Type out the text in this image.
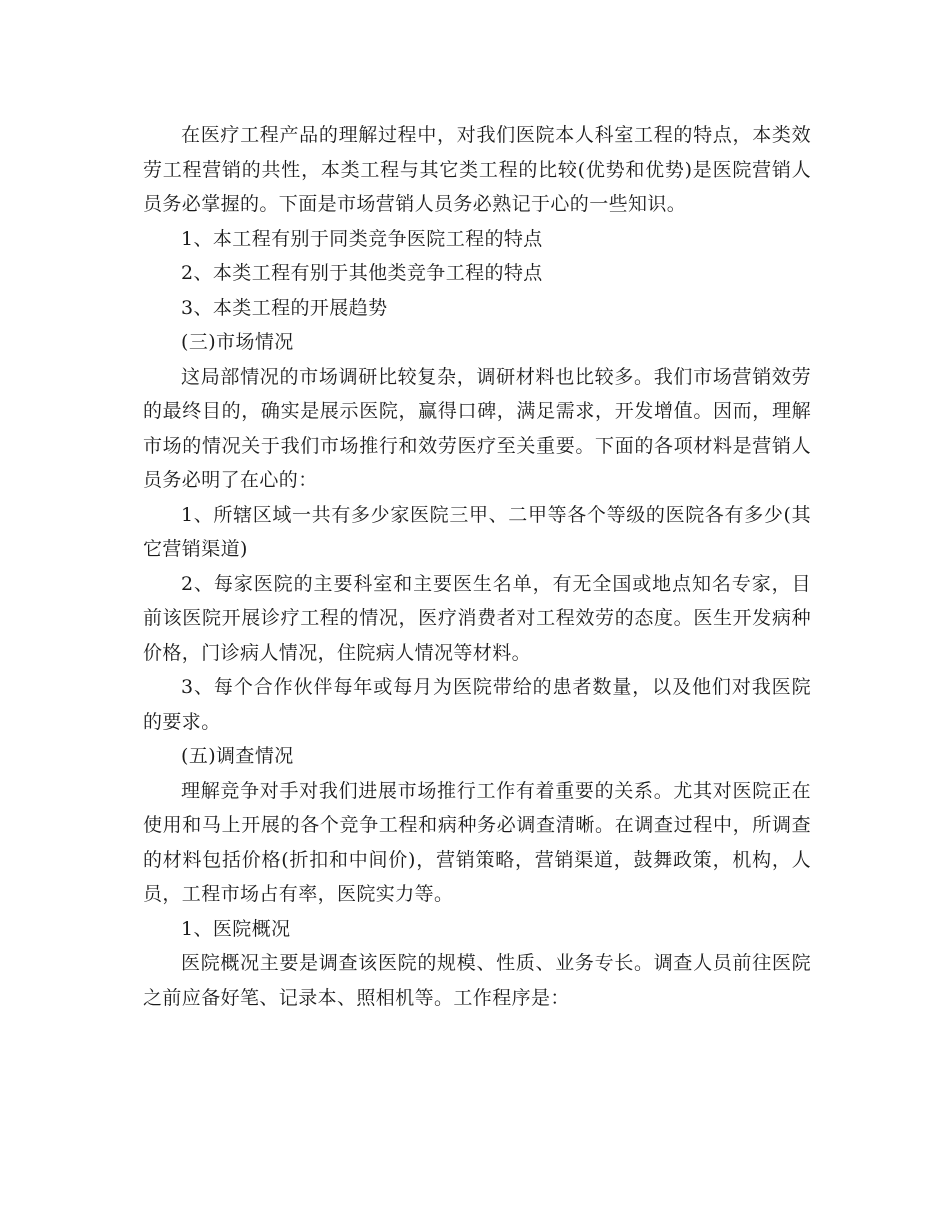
在医疗工程产品的理解过程中，对我们医院本人科室工程的特点，本类效劳工程营销的共性，本类工程与其它类工程的比较(优势和优势)是医院营销人员务必掌握的。下面是市场营销人员务必熟记于心的一些知识。

1、本工程有别于同类竞争医院工程的特点

2、本类工程有别于其他类竞争工程的特点

3、本类工程的开展趋势

(三)市场情况

这局部情况的市场调研比较复杂，调研材料也比较多。我们市场营销效劳的最终目的，确实是展示医院，赢得口碑，满足需求，开发增值。因而，理解市场的情况关于我们市场推行和效劳医疗至关重要。下面的各项材料是营销人员务必明了在心的：

1、所辖区域一共有多少家医院三甲、二甲等各个等级的医院各有多少(其它营销渠道)

2、每家医院的主要科室和主要医生名单，有无全国或地点知名专家，目前该医院开展诊疗工程的情况，医疗消费者对工程效劳的态度。医生开发病种价格，门诊病人情况，住院病人情况等材料。

3、每个合作伙伴每年或每月为医院带给的患者数量，以及他们对我医院的要求。

(五)调查情况

理解竞争对手对我们进展市场推行工作有着重要的关系。尤其对医院正在使用和马上开展的各个竞争工程和病种务必调查清晰。在调查过程中，所调查的材料包括价格(折扣和中间价)，营销策略，营销渠道，鼓舞政策，机构，人员，工程市场占有率，医院实力等。

1、医院概况

医院概况主要是调查该医院的规模、性质、业务专长。调查人员前往医院之前应备好笔、记录本、照相机等。工作程序是：
